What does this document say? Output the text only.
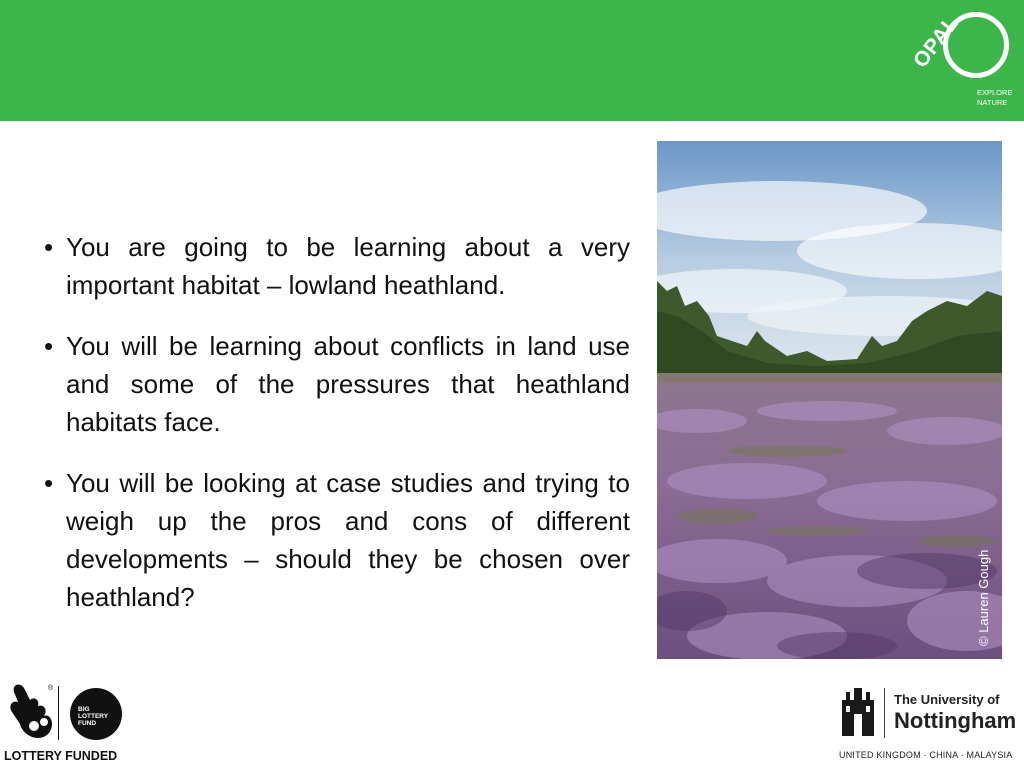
OPAL
EXPLORE
NATURE
• You are going to be learning about a very important habitat – lowland heathland.
• You will be learning about conflicts in land use and some of the pressures that heathland habitats face.
• You will be looking at case studies and trying to weigh up the pros and cons of different developments – should they be chosen over heathland?	© Lauren Gough
®
BIG
LOTTERY
FUND
LOTTERY FUNDED
The University of
Nottingham
UNITED KINGDOM · CHINA · MALAYSIA
